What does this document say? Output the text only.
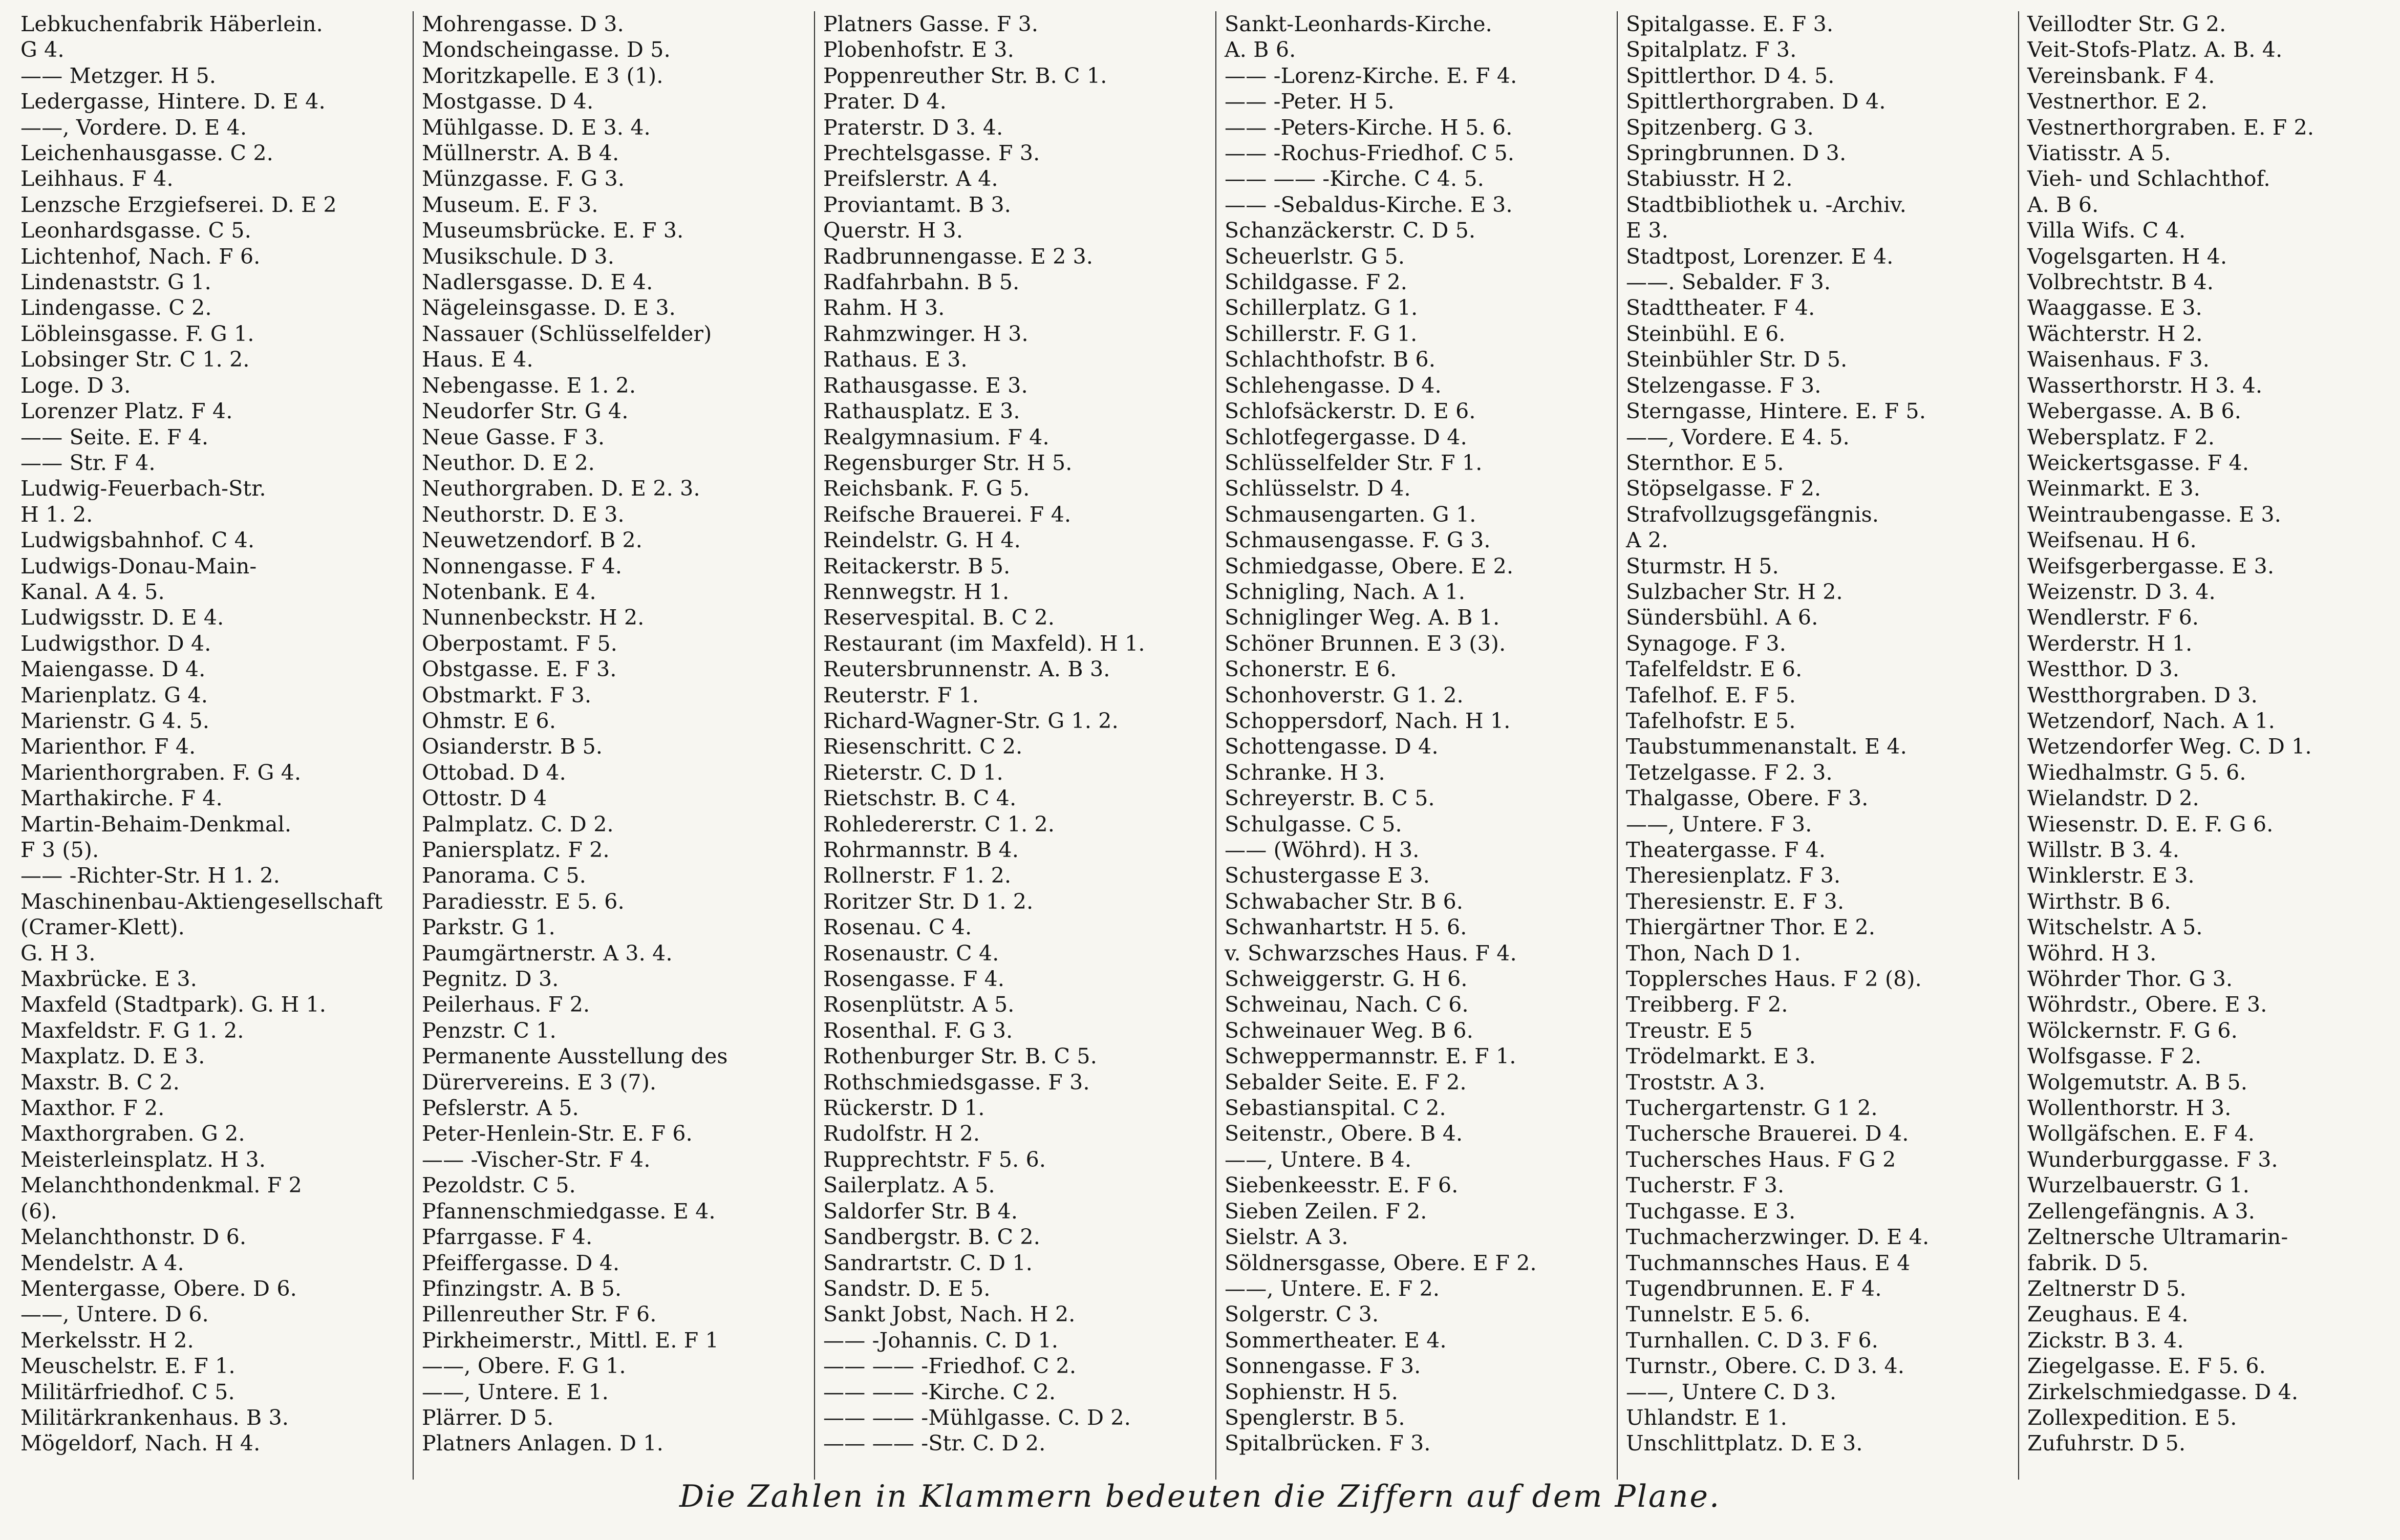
Lebkuchenfabrik Häberlein.

G 4.

—— Metzger. H 5.

Ledergasse, Hintere. D. E 4.

——, Vordere. D. E 4.

Leichenhausgasse. C 2.

Leihhaus. F 4.

Lenzsche Erzgiefserei. D. E 2

Leonhardsgasse. C 5.

Lichtenhof, Nach. F 6.

Lindenaststr. G 1.

Lindengasse. C 2.

Löbleinsgasse. F. G 1.

Lobsinger Str. C 1. 2.

Loge. D 3.

Lorenzer Platz. F 4.

—— Seite. E. F 4.

—— Str. F 4.

Ludwig-Feuerbach-Str.

H 1. 2.

Ludwigsbahnhof. C 4.

Ludwigs-Donau-Main-

Kanal. A 4. 5.

Ludwigsstr. D. E 4.

Ludwigsthor. D 4.

Maiengasse. D 4.

Marienplatz. G 4.

Marienstr. G 4. 5.

Marienthor. F 4.

Marienthorgraben. F. G 4.

Marthakirche. F 4.

Martin-Behaim-Denkmal.

F 3 (5).

—— -Richter-Str. H 1. 2.

Maschinenbau-Aktiengesellschaft (Cramer-Klett).

G. H 3.

Maxbrücke. E 3.

Maxfeld (Stadtpark). G. H 1.

Maxfeldstr. F. G 1. 2.

Maxplatz. D. E 3.

Maxstr. B. C 2.

Maxthor. F 2.

Maxthorgraben. G 2.

Meisterleinsplatz. H 3.

Melanchthondenkmal. F 2

(6).

Melanchthonstr. D 6.

Mendelstr. A 4.

Mentergasse, Obere. D 6.

——, Untere. D 6.

Merkelsstr. H 2.

Meuschelstr. E. F 1.

Militärfriedhof. C 5.

Militärkrankenhaus. B 3.

Mögeldorf, Nach. H 4.

Mohrengasse. D 3.

Mondscheingasse. D 5.

Moritzkapelle. E 3 (1).

Mostgasse. D 4.

Mühlgasse. D. E 3. 4.

Müllnerstr. A. B 4.

Münzgasse. F. G 3.

Museum. E. F 3.

Museumsbrücke. E. F 3.

Musikschule. D 3.

Nadlersgasse. D. E 4.

Nägeleinsgasse. D. E 3.

Nassauer (Schlüsselfelder)

Haus. E 4.

Nebengasse. E 1. 2.

Neudorfer Str. G 4.

Neue Gasse. F 3.

Neuthor. D. E 2.

Neuthorgraben. D. E 2. 3.

Neuthorstr. D. E 3.

Neuwetzendorf. B 2.

Nonnengasse. F 4.

Notenbank. E 4.

Nunnenbeckstr. H 2.

Oberpostamt. F 5.

Obstgasse. E. F 3.

Obstmarkt. F 3.

Ohmstr. E 6.

Osianderstr. B 5.

Ottobad. D 4.

Ottostr. D 4

Palmplatz. C. D 2.

Paniersplatz. F 2.

Panorama. C 5.

Paradiesstr. E 5. 6.

Parkstr. G 1.

Paumgärtnerstr. A 3. 4.

Pegnitz. D 3.

Peilerhaus. F 2.

Penzstr. C 1.

Permanente Ausstellung des

Dürervereins. E 3 (7).

Pefslerstr. A 5.

Peter-Henlein-Str. E. F 6.

—— -Vischer-Str. F 4.

Pezoldstr. C 5.

Pfannenschmiedgasse. E 4.

Pfarrgasse. F 4.

Pfeiffergasse. D 4.

Pfinzingstr. A. B 5.

Pillenreuther Str. F 6.

Pirkheimerstr., Mittl. E. F 1

——, Obere. F. G 1.

——, Untere. E 1.

Plärrer. D 5.

Platners Anlagen. D 1.

Platners Gasse. F 3.

Plobenhofstr. E 3.

Poppenreuther Str. B. C 1.

Prater. D 4.

Praterstr. D 3. 4.

Prechtelsgasse. F 3.

Preifslerstr. A 4.

Proviantamt. B 3.

Querstr. H 3.

Radbrunnengasse. E 2 3.

Radfahrbahn. B 5.

Rahm. H 3.

Rahmzwinger. H 3.

Rathaus. E 3.

Rathausgasse. E 3.

Rathausplatz. E 3.

Realgymnasium. F 4.

Regensburger Str. H 5.

Reichsbank. F. G 5.

Reifsche Brauerei. F 4.

Reindelstr. G. H 4.

Reitackerstr. B 5.

Rennwegstr. H 1.

Reservespital. B. C 2.

Restaurant (im Maxfeld). H 1.

Reutersbrunnenstr. A. B 3.

Reuterstr. F 1.

Richard-Wagner-Str. G 1. 2.

Riesenschritt. C 2.

Rieterstr. C. D 1.

Rietschstr. B. C 4.

Rohledererstr. C 1. 2.

Rohrmannstr. B 4.

Rollnerstr. F 1. 2.

Roritzer Str. D 1. 2.

Rosenau. C 4.

Rosenaustr. C 4.

Rosengasse. F 4.

Rosenplütstr. A 5.

Rosenthal. F. G 3.

Rothenburger Str. B. C 5.

Rothschmiedsgasse. F 3.

Rückerstr. D 1.

Rudolfstr. H 2.

Rupprechtstr. F 5. 6.

Sailerplatz. A 5.

Saldorfer Str. B 4.

Sandbergstr. B. C 2.

Sandrartstr. C. D 1.

Sandstr. D. E 5.

Sankt Jobst, Nach. H 2.

—— -Johannis. C. D 1.

—— —— -Friedhof. C 2.

—— —— -Kirche. C 2.

—— —— -Mühlgasse. C. D 2.

—— —— -Str. C. D 2.

Sankt-Leonhards-Kirche.

A. B 6.

—— -Lorenz-Kirche. E. F 4.

—— -Peter. H 5.

—— -Peters-Kirche. H 5. 6.

—— -Rochus-Friedhof. C 5.

—— —— -Kirche. C 4. 5.

—— -Sebaldus-Kirche. E 3.

Schanzäckerstr. C. D 5.

Scheuerlstr. G 5.

Schildgasse. F 2.

Schillerplatz. G 1.

Schillerstr. F. G 1.

Schlachthofstr. B 6.

Schlehengasse. D 4.

Schlofsäckerstr. D. E 6.

Schlotfegergasse. D 4.

Schlüsselfelder Str. F 1.

Schlüsselstr. D 4.

Schmausengarten. G 1.

Schmausengasse. F. G 3.

Schmiedgasse, Obere. E 2.

Schnigling, Nach. A 1.

Schniglinger Weg. A. B 1.

Schöner Brunnen. E 3 (3).

Schonerstr. E 6.

Schonhoverstr. G 1. 2.

Schoppersdorf, Nach. H 1.

Schottengasse. D 4.

Schranke. H 3.

Schreyerstr. B. C 5.

Schulgasse. C 5.

—— (Wöhrd). H 3.

Schustergasse E 3.

Schwabacher Str. B 6.

Schwanhartstr. H 5. 6.

v. Schwarzsches Haus. F 4.

Schweiggerstr. G. H 6.

Schweinau, Nach. C 6.

Schweinauer Weg. B 6.

Schweppermannstr. E. F 1.

Sebalder Seite. E. F 2.

Sebastianspital. C 2.

Seitenstr., Obere. B 4.

——, Untere. B 4.

Siebenkeesstr. E. F 6.

Sieben Zeilen. F 2.

Sielstr. A 3.

Söldnersgasse, Obere. E F 2.

——, Untere. E. F 2.

Solgerstr. C 3.

Sommertheater. E 4.

Sonnengasse. F 3.

Sophienstr. H 5.

Spenglerstr. B 5.

Spitalbrücken. F 3.

Spitalgasse. E. F 3.

Spitalplatz. F 3.

Spittlerthor. D 4. 5.

Spittlerthorgraben. D 4.

Spitzenberg. G 3.

Springbrunnen. D 3.

Stabiusstr. H 2.

Stadtbibliothek u. -Archiv.

E 3.

Stadtpost, Lorenzer. E 4.

——. Sebalder. F 3.

Stadttheater. F 4.

Steinbühl. E 6.

Steinbühler Str. D 5.

Stelzengasse. F 3.

Sterngasse, Hintere. E. F 5.

——, Vordere. E 4. 5.

Sternthor. E 5.

Stöpselgasse. F 2.

Strafvollzugsgefängnis.

A 2.

Sturmstr. H 5.

Sulzbacher Str. H 2.

Sündersbühl. A 6.

Synagoge. F 3.

Tafelfeldstr. E 6.

Tafelhof. E. F 5.

Tafelhofstr. E 5.

Taubstummenanstalt. E 4.

Tetzelgasse. F 2. 3.

Thalgasse, Obere. F 3.

——, Untere. F 3.

Theatergasse. F 4.

Theresienplatz. F 3.

Theresienstr. E. F 3.

Thiergärtner Thor. E 2.

Thon, Nach D 1.

Topplersches Haus. F 2 (8).

Treibberg. F 2.

Treustr. E 5

Trödelmarkt. E 3.

Troststr. A 3.

Tuchergartenstr. G 1 2.

Tuchersche Brauerei. D 4.

Tuchersches Haus. F G 2

Tucherstr. F 3.

Tuchgasse. E 3.

Tuchmacherzwinger. D. E 4.

Tuchmannsches Haus. E 4

Tugendbrunnen. E. F 4.

Tunnelstr. E 5. 6.

Turnhallen. C. D 3. F 6.

Turnstr., Obere. C. D 3. 4.

——, Untere C. D 3.

Uhlandstr. E 1.

Unschlittplatz. D. E 3.

Veillodter Str. G 2.

Veit-Stofs-Platz. A. B. 4.

Vereinsbank. F 4.

Vestnerthor. E 2.

Vestnerthorgraben. E. F 2.

Viatisstr. A 5.

Vieh- und Schlachthof.

A. B 6.

Villa Wifs. C 4.

Vogelsgarten. H 4.

Volbrechtstr. B 4.

Waaggasse. E 3.

Wächterstr. H 2.

Waisenhaus. F 3.

Wasserthorstr. H 3. 4.

Webergasse. A. B 6.

Webersplatz. F 2.

Weickertsgasse. F 4.

Weinmarkt. E 3.

Weintraubengasse. E 3.

Weifsenau. H 6.

Weifsgerbergasse. E 3.

Weizenstr. D 3. 4.

Wendlerstr. F 6.

Werderstr. H 1.

Westthor. D 3.

Westthorgraben. D 3.

Wetzendorf, Nach. A 1.

Wetzendorfer Weg. C. D 1.

Wiedhalmstr. G 5. 6.

Wielandstr. D 2.

Wiesenstr. D. E. F. G 6.

Willstr. B 3. 4.

Winklerstr. E 3.

Wirthstr. B 6.

Witschelstr. A 5.

Wöhrd. H 3.

Wöhrder Thor. G 3.

Wöhrdstr., Obere. E 3.

Wölckernstr. F. G 6.

Wolfsgasse. F 2.

Wolgemutstr. A. B 5.

Wollenthorstr. H 3.

Wollgäfschen. E. F 4.

Wunderburggasse. F 3.

Wurzelbauerstr. G 1.

Zellengefängnis. A 3.

Zeltnersche Ultramarin-

fabrik. D 5.

Zeltnerstr D 5.

Zeughaus. E 4.

Zickstr. B 3. 4.

Ziegelgasse. E. F 5. 6.

Zirkelschmiedgasse. D 4.

Zollexpedition. E 5.

Zufuhrstr. D 5.

Die Zahlen in Klammern bedeuten die Ziffern auf dem Plane.
